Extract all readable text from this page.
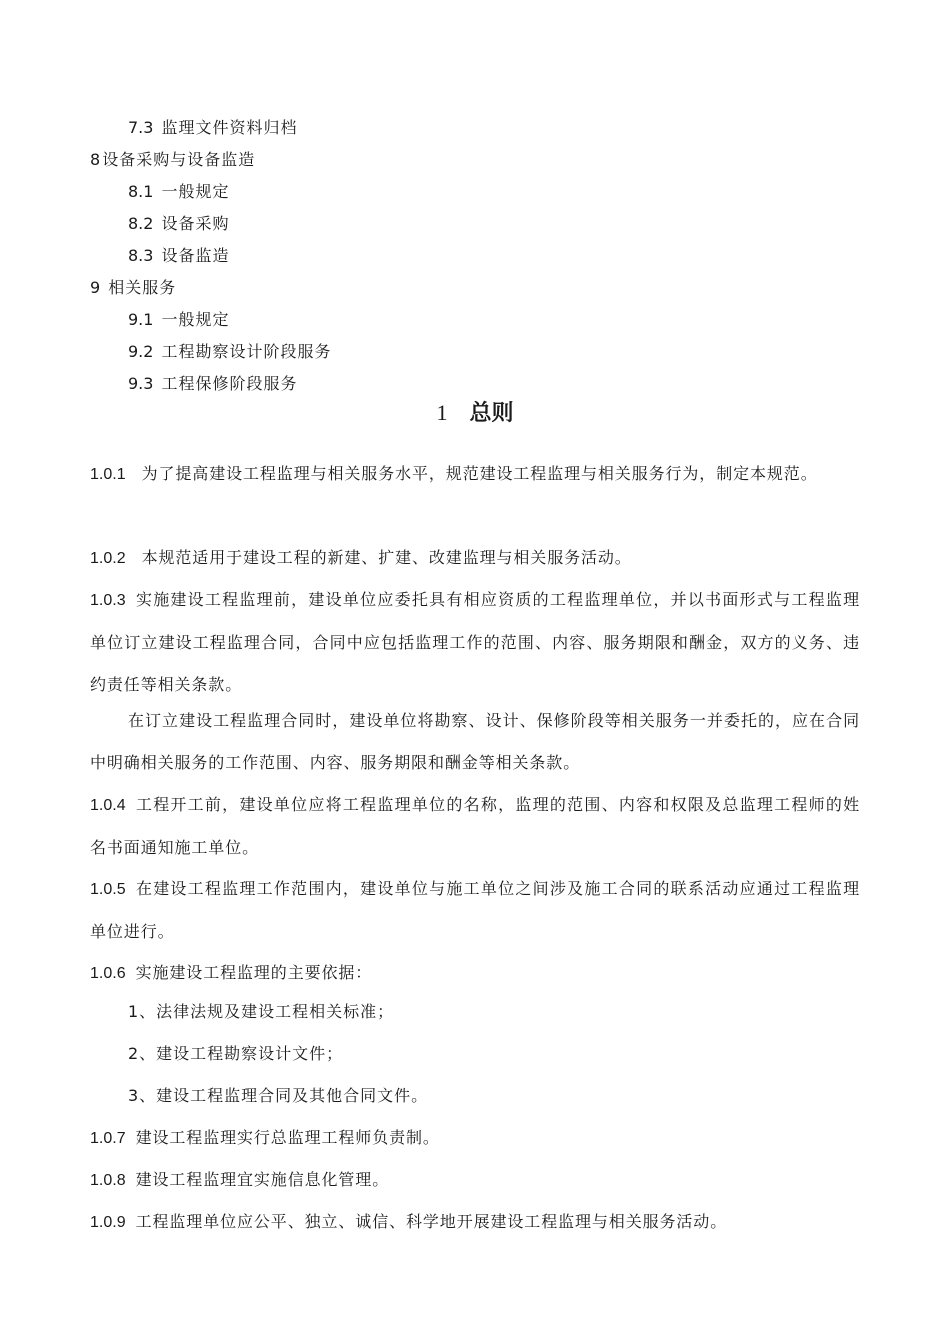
7.3 监理文件资料归档
8 设备采购与设备监造
8.1 一般规定
8.2 设备采购
8.3 设备监造
9 相关服务
9.1 一般规定
9.2 工程勘察设计阶段服务
9.3 工程保修阶段服务
1 总则
1.0.1 为了提高建设工程监理与相关服务水平，规范建设工程监理与相关服务行为，制定本规范。
1.0.2 本规范适用于建设工程的新建、扩建、改建监理与相关服务活动。
1.0.3 实施建设工程监理前，建设单位应委托具有相应资质的工程监理单位，并以书面形式与工程监理单位订立建设工程监理合同，合同中应包括监理工作的范围、内容、服务期限和酬金，双方的义务、违约责任等相关条款。
在订立建设工程监理合同时，建设单位将勘察、设计、保修阶段等相关服务一并委托的，应在合同中明确相关服务的工作范围、内容、服务期限和酬金等相关条款。
1.0.4 工程开工前，建设单位应将工程监理单位的名称，监理的范围、内容和权限及总监理工程师的姓名书面通知施工单位。
1.0.5 在建设工程监理工作范围内，建设单位与施工单位之间涉及施工合同的联系活动应通过工程监理单位进行。
1.0.6 实施建设工程监理的主要依据：
1、法律法规及建设工程相关标准；
2、建设工程勘察设计文件；
3、建设工程监理合同及其他合同文件。
1.0.7 建设工程监理实行总监理工程师负责制。
1.0.8 建设工程监理宜实施信息化管理。
1.0.9 工程监理单位应公平、独立、诚信、科学地开展建设工程监理与相关服务活动。
